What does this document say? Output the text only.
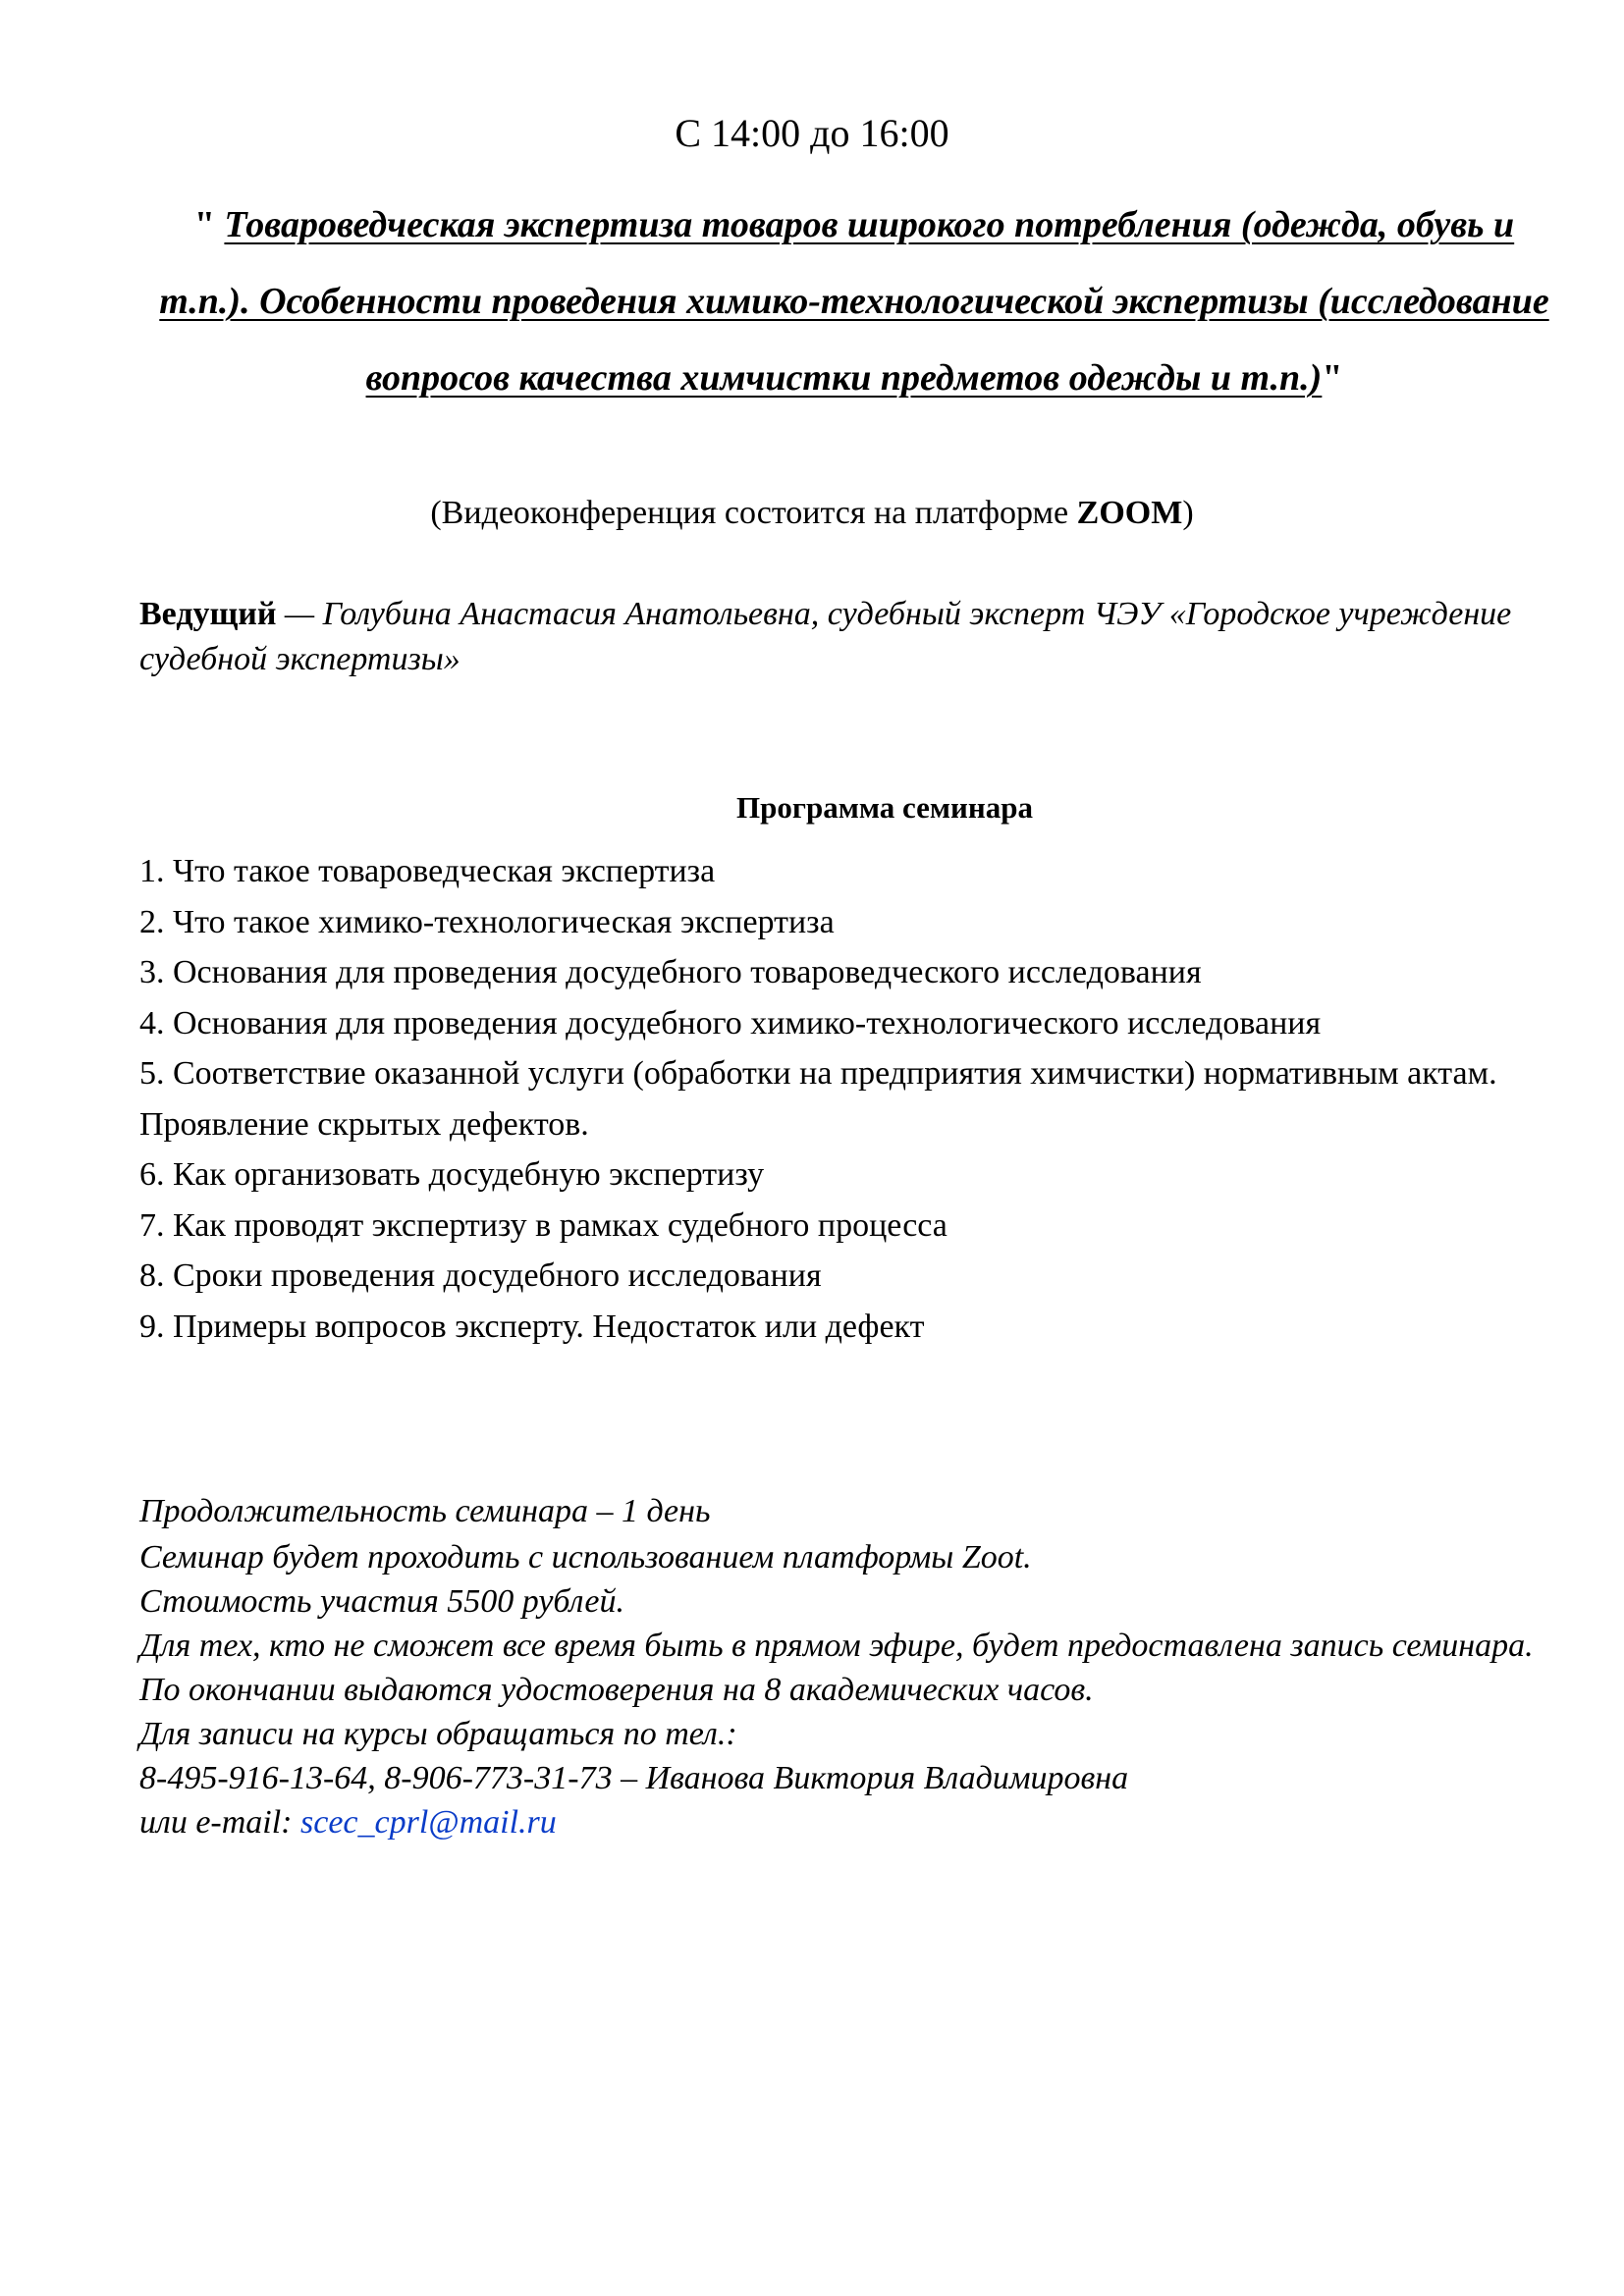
С 14:00 до 16:00
" Товароведческая экспертиза товаров широкого потребления (одежда, обувь и т.п.). Особенности проведения химико-технологической экспертизы (исследование вопросов качества химчистки предметов одежды и т.п.)"
(Видеоконференция состоится на платформе ZOOM)
Ведущий — Голубина Анастасия Анатольевна, судебный эксперт ЧЭУ «Городское учреждение судебной экспертизы»
Программа семинара
1. Что такое товароведческая экспертиза
2. Что такое химико-технологическая экспертиза
3. Основания для проведения досудебного товароведческого исследования
4. Основания для проведения досудебного химико-технологического исследования
5. Соответствие оказанной услуги (обработки на предприятия химчистки) нормативным актам. Проявление скрытых дефектов.
6. Как организовать досудебную экспертизу
7. Как проводят экспертизу в рамках судебного процесса
8. Сроки проведения досудебного исследования
9. Примеры вопросов эксперту. Недостаток или дефект
Продолжительность семинара – 1 день
Семинар будет проходить с использованием платформы Zoot.
Стоимость участия 5500 рублей.
Для тех, кто не сможет все время быть в прямом эфире, будет предоставлена запись семинара.
По окончании выдаются удостоверения на 8 академических часов.
Для записи на курсы обращаться по тел.:
8-495-916-13-64, 8-906-773-31-73 – Иванова Виктория Владимировна
или e-mail: scec_cprl@mail.ru
